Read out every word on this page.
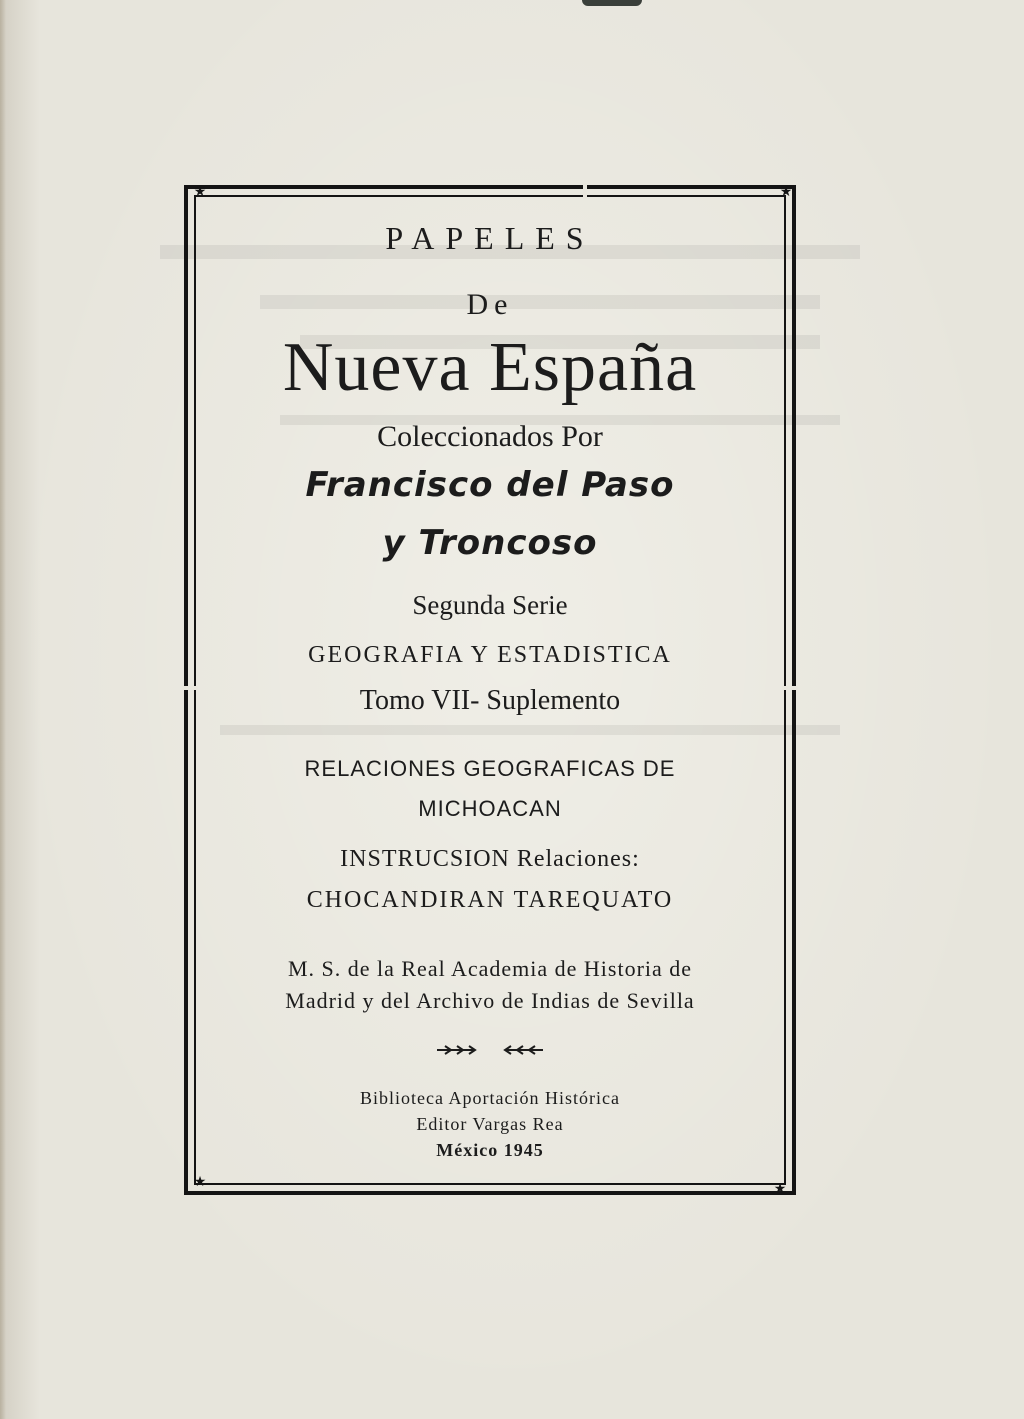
★	★
★	★
PAPELES
De
Nueva España
Coleccionados Por
Francisco del Paso
y Troncoso
Segunda Serie
GEOGRAFIA Y ESTADISTICA
Tomo VII- Suplemento
RELACIONES GEOGRAFICAS DE
MICHOACAN
INSTRUCSION Relaciones:
CHOCANDIRAN TAREQUATO
M. S. de la Real Academia de Historia de
Madrid y del Archivo de Indias de Sevilla
Biblioteca Aportación Histórica
Editor Vargas Rea
México 1945
